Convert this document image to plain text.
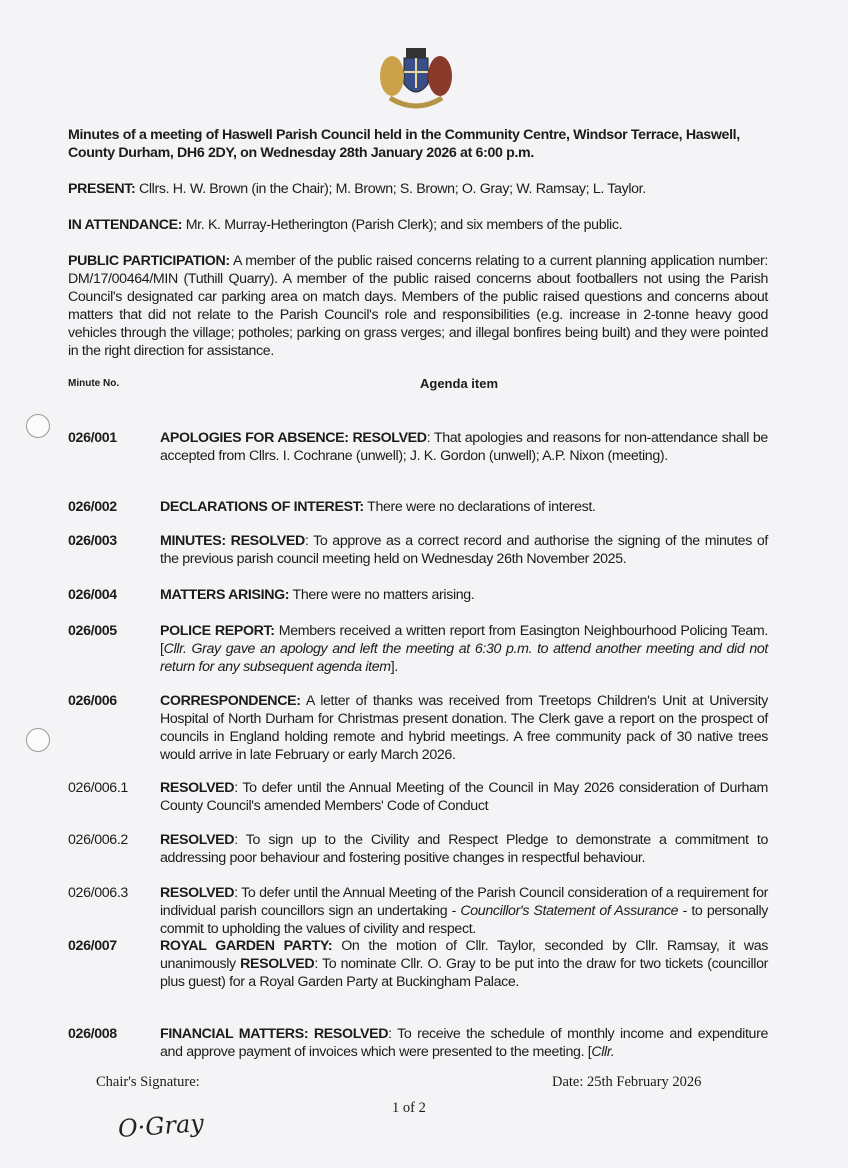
Minutes of a meeting of Haswell Parish Council held in the Community Centre, Windsor Terrace, Haswell, County Durham, DH6 2DY, on Wednesday 28th January 2026 at 6:00 p.m.
PRESENT: Cllrs. H. W. Brown (in the Chair); M. Brown; S. Brown; O. Gray; W. Ramsay; L. Taylor.
IN ATTENDANCE: Mr. K. Murray-Hetherington (Parish Clerk); and six members of the public.
PUBLIC PARTICIPATION: A member of the public raised concerns relating to a current planning application number: DM/17/00464/MIN (Tuthill Quarry). A member of the public raised concerns about footballers not using the Parish Council's designated car parking area on match days. Members of the public raised questions and concerns about matters that did not relate to the Parish Council's role and responsibilities (e.g. increase in 2-tonne heavy good vehicles through the village; potholes; parking on grass verges; and illegal bonfires being built) and they were pointed in the right direction for assistance.
Minute No.	Agenda item
026/001	APOLOGIES FOR ABSENCE: RESOLVED: That apologies and reasons for non-attendance shall be accepted from Cllrs. I. Cochrane (unwell); J. K. Gordon (unwell); A.P. Nixon (meeting).
026/002	DECLARATIONS OF INTEREST: There were no declarations of interest.
026/003	MINUTES: RESOLVED: To approve as a correct record and authorise the signing of the minutes of the previous parish council meeting held on Wednesday 26th November 2025.
026/004	MATTERS ARISING: There were no matters arising.
026/005	POLICE REPORT: Members received a written report from Easington Neighbourhood Policing Team. [Cllr. Gray gave an apology and left the meeting at 6:30 p.m. to attend another meeting and did not return for any subsequent agenda item].
026/006	CORRESPONDENCE: A letter of thanks was received from Treetops Children's Unit at University Hospital of North Durham for Christmas present donation. The Clerk gave a report on the prospect of councils in England holding remote and hybrid meetings. A free community pack of 30 native trees would arrive in late February or early March 2026.
026/006.1	RESOLVED: To defer until the Annual Meeting of the Council in May 2026 consideration of Durham County Council's amended Members' Code of Conduct
026/006.2	RESOLVED: To sign up to the Civility and Respect Pledge to demonstrate a commitment to addressing poor behaviour and fostering positive changes in respectful behaviour.
026/006.3	RESOLVED: To defer until the Annual Meeting of the Parish Council consideration of a requirement for individual parish councillors sign an undertaking - Councillor's Statement of Assurance - to personally commit to upholding the values of civility and respect.
026/007	ROYAL GARDEN PARTY: On the motion of Cllr. Taylor, seconded by Cllr. Ramsay, it was unanimously RESOLVED: To nominate Cllr. O. Gray to be put into the draw for two tickets (councillor plus guest) for a Royal Garden Party at Buckingham Palace.
026/008	FINANCIAL MATTERS: RESOLVED: To receive the schedule of monthly income and expenditure and approve payment of invoices which were presented to the meeting. [Cllr.
Chair's Signature:
1 of 2
Date: 25th February 2026
O·Gray
